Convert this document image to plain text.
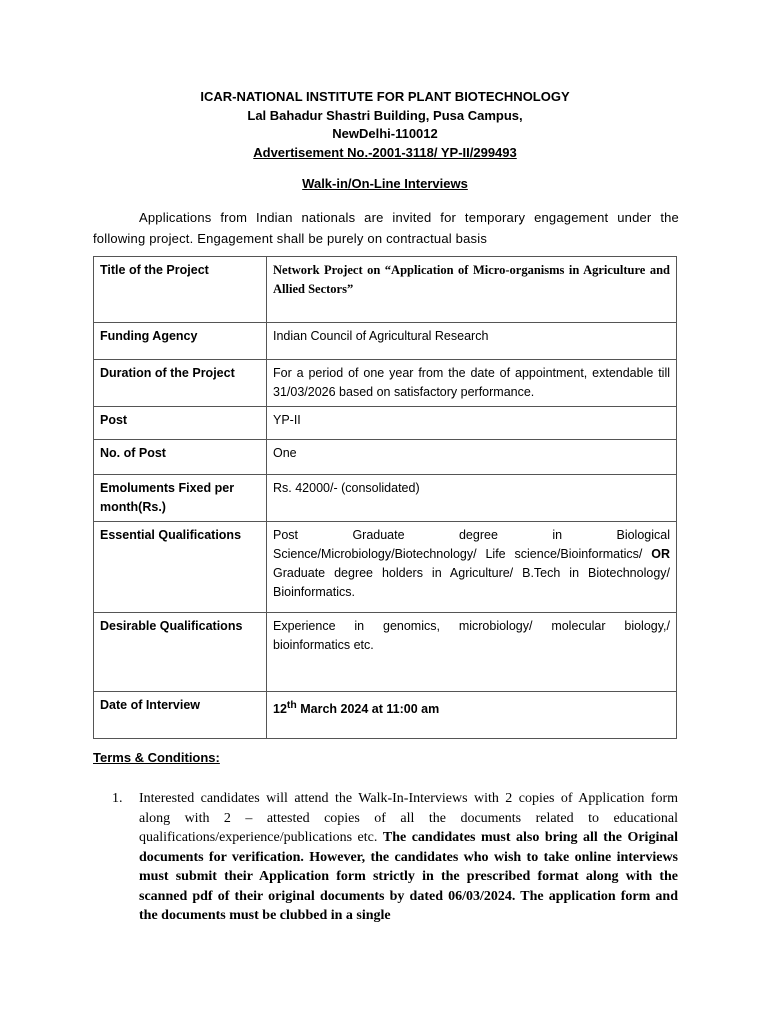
ICAR-NATIONAL INSTITUTE FOR PLANT BIOTECHNOLOGY
Lal Bahadur Shastri Building, Pusa Campus,
NewDelhi-110012
Advertisement No.-2001-3118/ YP-II/299493
Walk-in/On-Line Interviews
Applications from Indian nationals are invited for temporary engagement under the following project. Engagement shall be purely on contractual basis
Title of the Project	Network Project on “Application of Micro-organisms in Agriculture and Allied Sectors”
Funding Agency	Indian Council of Agricultural Research
Duration of the Project	For a period of one year from the date of appointment, extendable till 31/03/2026 based on satisfactory performance.
Post	YP-II
No. of Post	One
Emoluments Fixed per month(Rs.)	Rs. 42000/- (consolidated)
Essential Qualifications	Post Graduate degree in Biological Science/Microbiology/Biotechnology/ Life science/Bioinformatics/ OR Graduate degree holders in Agriculture/ B.Tech in Biotechnology/ Bioinformatics.
Desirable Qualifications	Experience in genomics, microbiology/ molecular biology,/ bioinformatics etc.
Date of Interview	12th March 2024 at 11:00 am
Terms & Conditions:
1. Interested candidates will attend the Walk-In-Interviews with 2 copies of Application form along with 2 – attested copies of all the documents related to educational qualifications/experience/publications etc. The candidates must also bring all the Original documents for verification. However, the candidates who wish to take online interviews must submit their Application form strictly in the prescribed format along with the scanned pdf of their original documents by dated 06/03/2024. The application form and the documents must be clubbed in a single
